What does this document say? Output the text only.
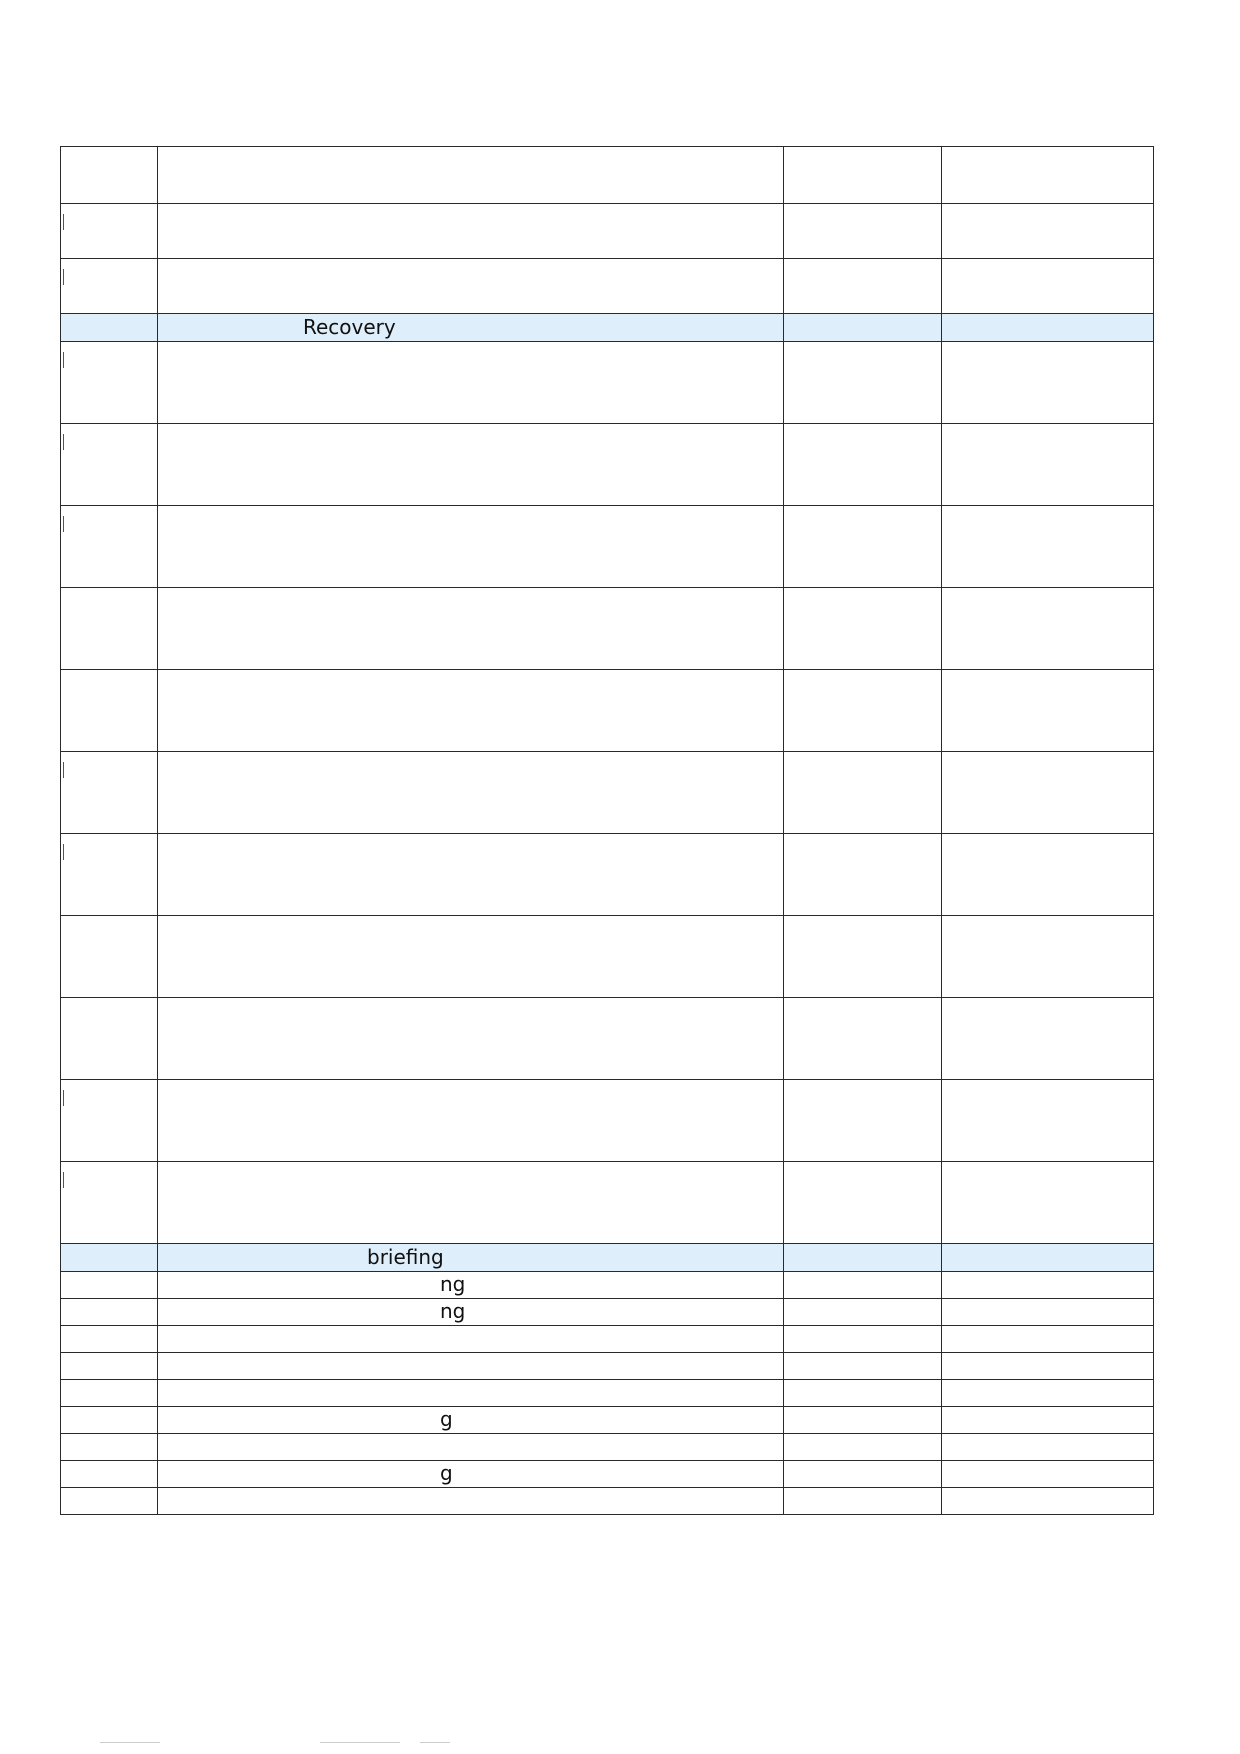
	Recovery		

	briefing		

	ng		

	ng		

	g		

	g		
